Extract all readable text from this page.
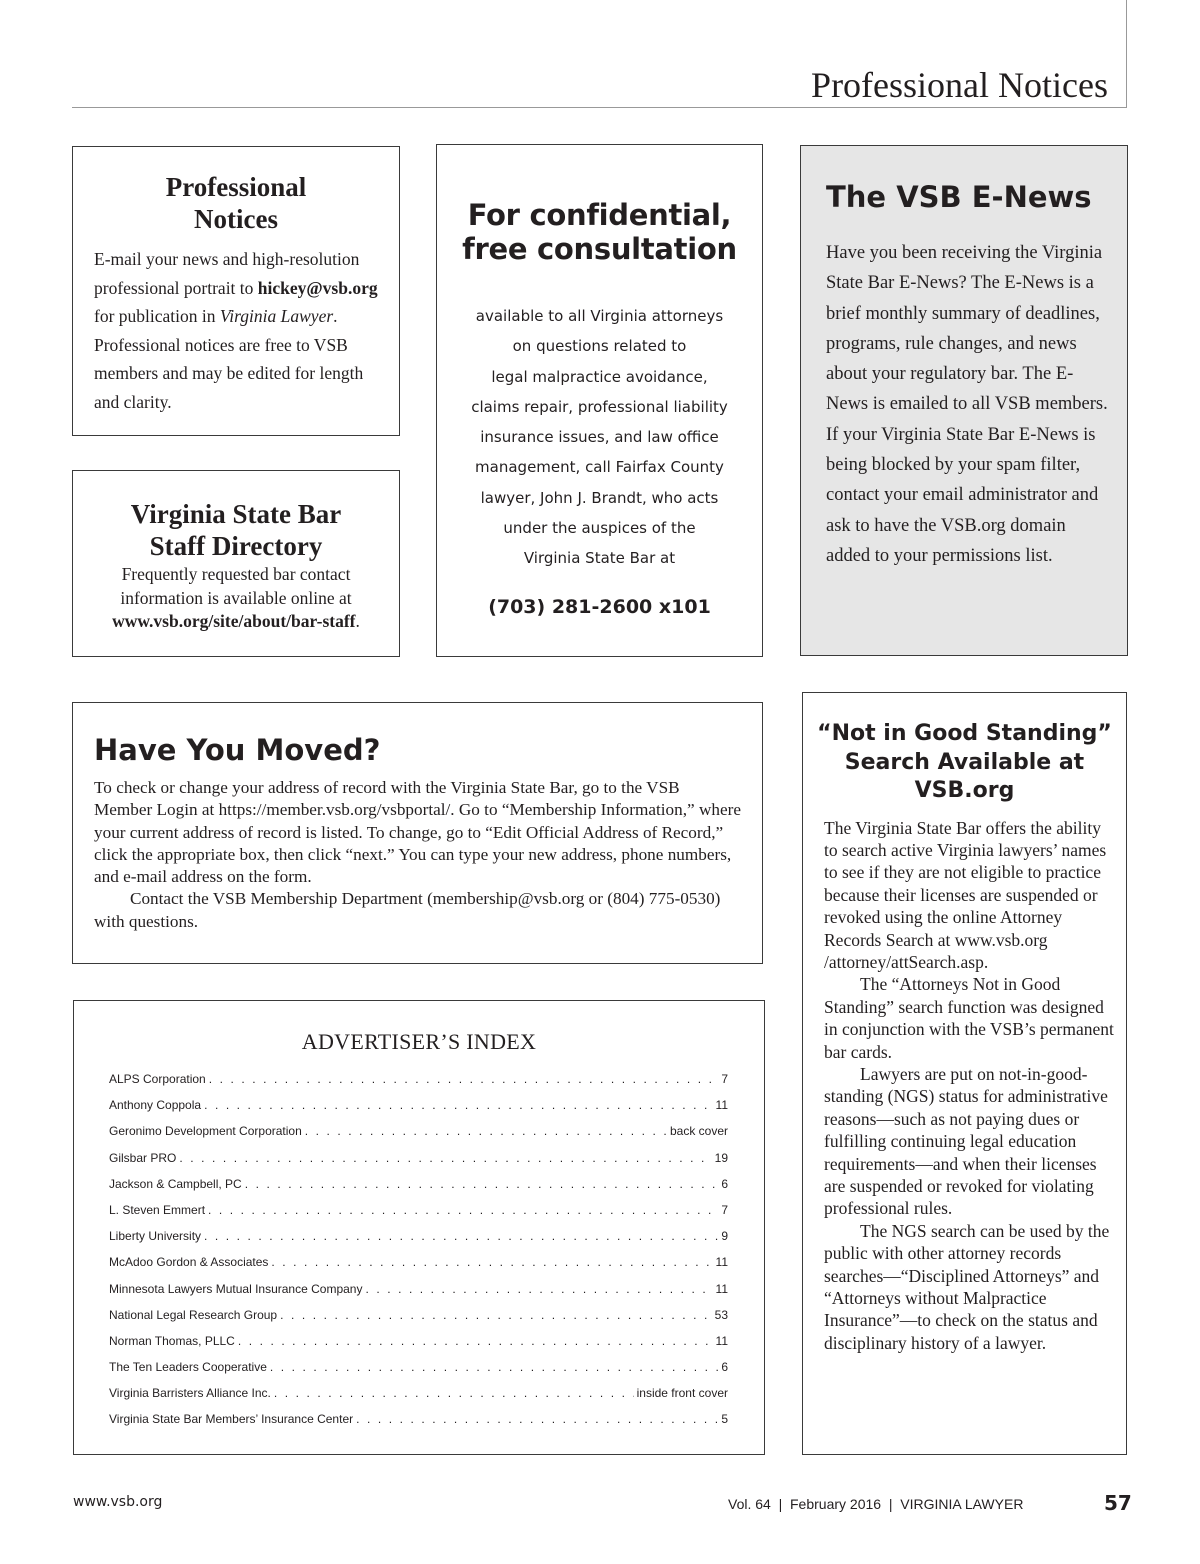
Professional Notices
Professional
Notices

E-mail your news and high-resolution professional portrait to hickey@vsb.org for publication in Virginia Lawyer. Professional notices are free to VSB members and may be edited for length and clarity.

Virginia State Bar
Staff Directory

Frequently requested bar contact information is available online at www.vsb.org/site/about/bar-staff.

For confidential,
free consultation

available to all Virginia attorneys
on questions related to
legal malpractice avoidance,
claims repair, professional liability
insurance issues, and law office
management, call Fairfax County
lawyer, John J. Brandt, who acts
under the auspices of the
Virginia State Bar at

(703) 281-2600 x101
The VSB E-News

Have you been receiving the Virginia State Bar E-News? The E-News is a brief monthly summary of deadlines, programs, rule changes, and news about your regulatory bar. The E-News is emailed to all VSB members. If your Virginia State Bar E-News is being blocked by your spam filter, contact your email administrator and ask to have the VSB.org domain added to your permissions list.

Have You Moved?

To check or change your address of record with the Virginia State Bar, go to the VSB Member Login at https://member.vsb.org/vsbportal/. Go to “Membership Information,” where your current address of record is listed. To change, go to “Edit Official Address of Record,” click the appropriate box, then click “next.” You can type your new address, phone numbers, and e-mail address on the form.

Contact the VSB Membership Department (membership@vsb.org or (804) 775-0530) with questions.

ADVERTISER’S INDEX
ALPS Corporation . . .	7
Anthony Coppola . . .	11
Geronimo Development Corporation . . .	back cover
Gilsbar PRO . . .	19
Jackson & Campbell, PC . . .	6
L. Steven Emmert . . .	7
Liberty University . . .	9
McAdoo Gordon & Associates . . .	11
Minnesota Lawyers Mutual Insurance Company . . .	11
National Legal Research Group . . .	53
Norman Thomas, PLLC . . .	11
The Ten Leaders Cooperative . . .	6
Virginia Barristers Alliance Inc. . . .	inside front cover
Virginia State Bar Members’ Insurance Center . . .	5
“Not in Good Standing”
Search Available at
VSB.org

The Virginia State Bar offers the ability to search active Virginia lawyers’ names to see if they are not eligible to practice because their licenses are suspended or revoked using the online Attorney Records Search at www.vsb.org /attorney/attSearch.asp.

The “Attorneys Not in Good Standing” search function was designed in conjunction with the VSB’s permanent bar cards.

Lawyers are put on not-in-good-standing (NGS) status for administrative reasons—such as not paying dues or fulfilling continuing legal education requirements—and when their licenses are suspended or revoked for violating professional rules.

The NGS search can be used by the public with other attorney records searches—“Disciplined Attorneys” and “Attorneys without Malpractice Insurance”—to check on the status and disciplinary history of a lawyer.

www.vsb.org	Vol. 64  |  February 2016  |  VIRGINIA LAWYER	57
